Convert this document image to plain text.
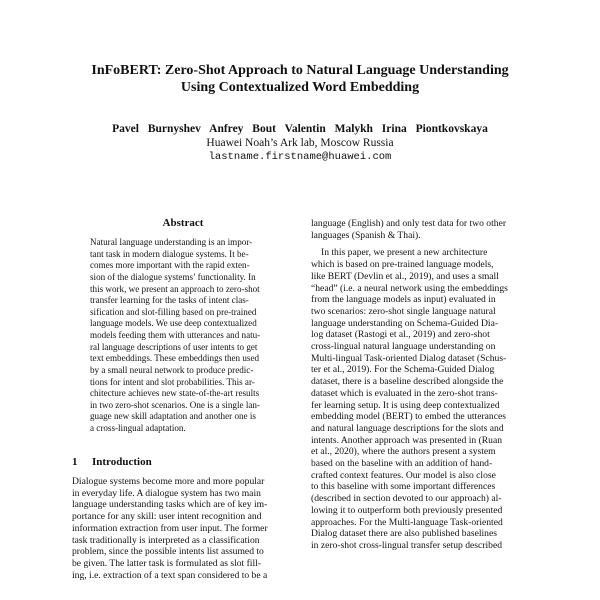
InFoBERT: Zero-Shot Approach to Natural Language Understanding
Using Contextualized Word Embedding
Pavel Burnyshev Anfrey Bout Valentin Malykh Irina Piontkovskaya
Huawei Noah’s Ark lab, Moscow Russia
lastname.firstname@huawei.com
Abstract
Natural language understanding is an impor-
tant task in modern dialogue systems. It be-
comes more important with the rapid exten-
sion of the dialogue systems’ functionality. In
this work, we present an approach to zero-shot
transfer learning for the tasks of intent clas-
sification and slot-filling based on pre-trained
language models. We use deep contextualized
models feeding them with utterances and natu-
ral language descriptions of user intents to get
text embeddings. These embeddings then used
by a small neural network to produce predic-
tions for intent and slot probabilities. This ar-
chitecture achieves new state-of-the-art results
in two zero-shot scenarios. One is a single lan-
guage new skill adaptation and another one is
a cross-lingual adaptation.
1 Introduction
Dialogue systems become more and more popular
in everyday life. A dialogue system has two main
language understanding tasks which are of key im-
portance for any skill: user intent recognition and
information extraction from user input. The former
task traditionally is interpreted as a classification
problem, since the possible intents list assumed to
be given. The latter task is formulated as slot fill-
ing, i.e. extraction of a text span considered to be a
language (English) and only test data for two other
languages (Spanish & Thai).
In this paper, we present a new architecture
which is based on pre-trained language models,
like BERT (Devlin et al., 2019), and uses a small
“head” (i.e. a neural network using the embeddings
from the language models as input) evaluated in
two scenarios: zero-shot single language natural
language understanding on Schema-Guided Dia-
log dataset (Rastogi et al., 2019) and zero-shot
cross-lingual natural language understanding on
Multi-lingual Task-oriented Dialog dataset (Schus-
ter et al., 2019). For the Schema-Guided Dialog
dataset, there is a baseline described alongside the
dataset which is evaluated in the zero-shot trans-
fer learning setup. It is using deep contextualized
embedding model (BERT) to embed the utterances
and natural language descriptions for the slots and
intents. Another approach was presented in (Ruan
et al., 2020), where the authors present a system
based on the baseline with an addition of hand-
crafted context features. Our model is also close
to this baseline with some important differences
(described in section devoted to our approach) al-
lowing it to outperform both previously presented
approaches. For the Multi-language Task-oriented
Dialog dataset there are also published baselines
in zero-shot cross-lingual transfer setup described
